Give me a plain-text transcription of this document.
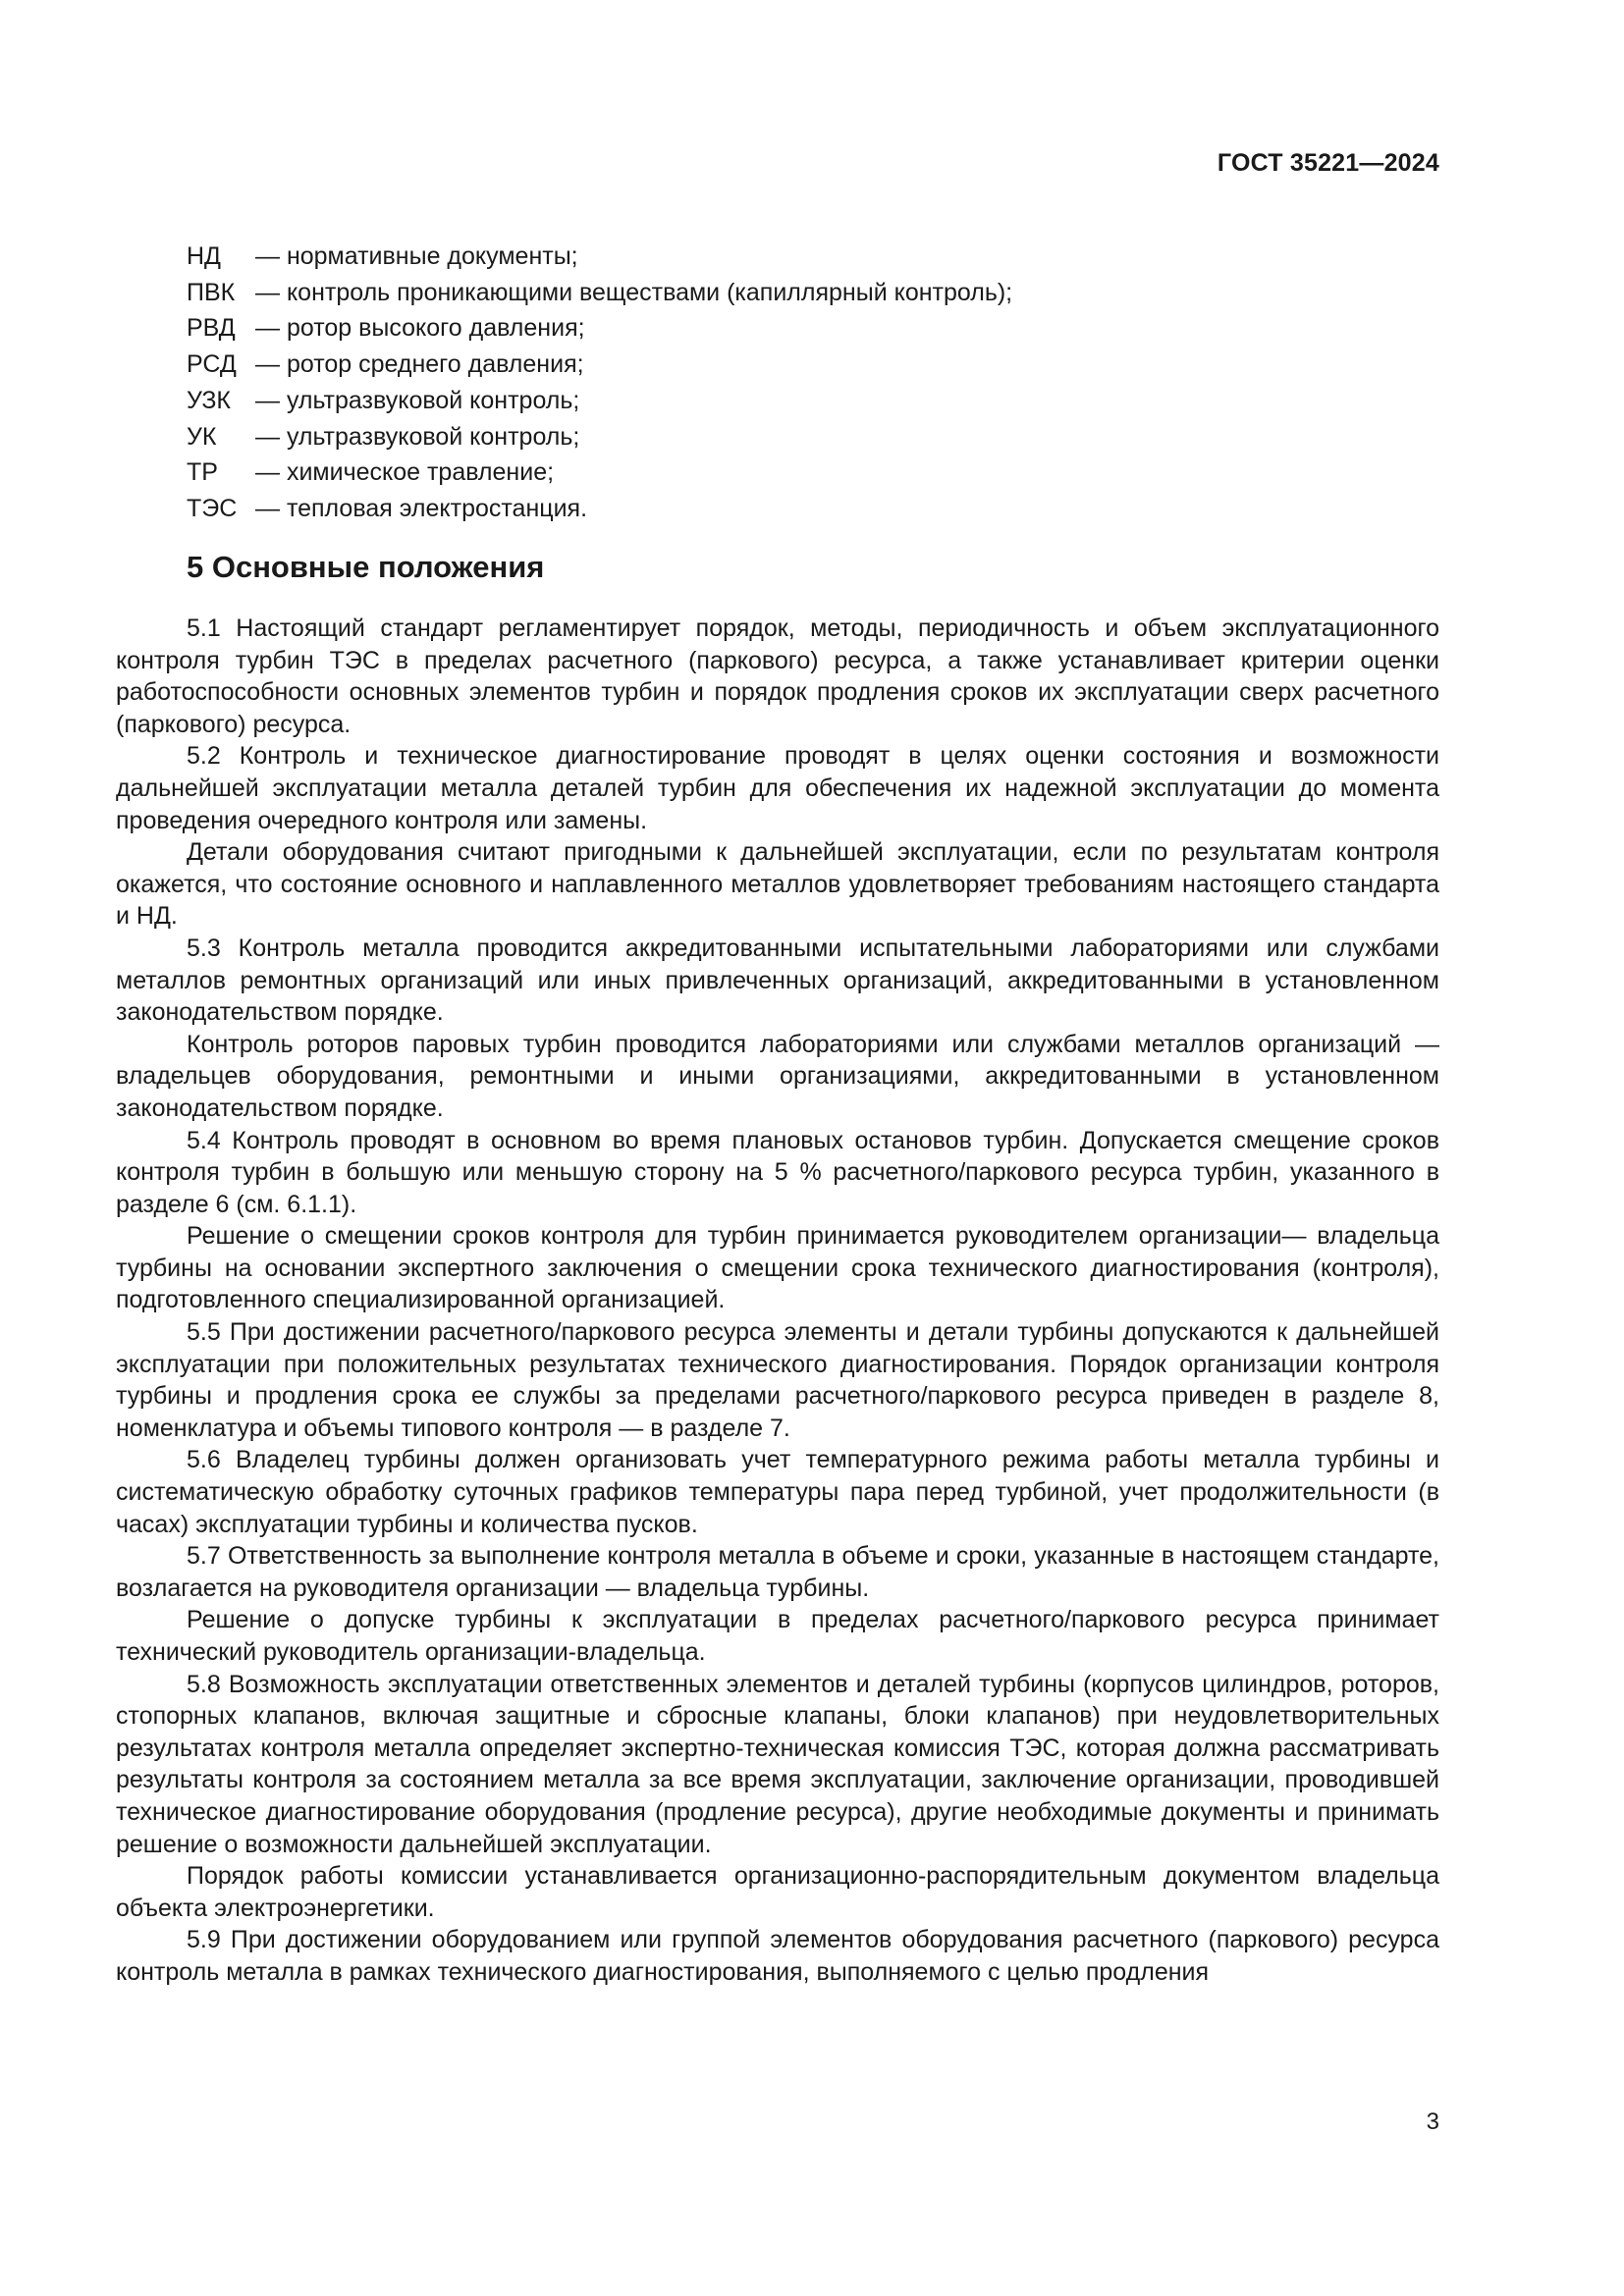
ГОСТ 35221—2024
НД	— нормативные документы;
ПВК — контроль проникающими веществами (капиллярный контроль);
РВД — ротор высокого давления;
РСД — ротор среднего давления;
УЗК	— ультразвуковой контроль;
УК	— ультразвуковой контроль;
ТР	— химическое травление;
ТЭС — тепловая электростанция.
5 Основные положения

5.1 Настоящий стандарт регламентирует порядок, методы, периодичность и объем эксплуатационного контроля турбин ТЭС в пределах расчетного (паркового) ресурса, а также устанавливает критерии оценки работоспособности основных элементов турбин и порядок продления сроков их эксплуатации сверх расчетного (паркового) ресурса.

5.2 Контроль и техническое диагностирование проводят в целях оценки состояния и возможности дальнейшей эксплуатации металла деталей турбин для обеспечения их надежной эксплуатации до момента проведения очередного контроля или замены.

Детали оборудования считают пригодными к дальнейшей эксплуатации, если по результатам контроля окажется, что состояние основного и наплавленного металлов удовлетворяет требованиям настоящего стандарта и НД.

5.3 Контроль металла проводится аккредитованными испытательными лабораториями или службами металлов ремонтных организаций или иных привлеченных организаций, аккредитованными в установленном законодательством порядке.

Контроль роторов паровых турбин проводится лабораториями или службами металлов организаций — владельцев оборудования, ремонтными и иными организациями, аккредитованными в установленном законодательством порядке.

5.4 Контроль проводят в основном во время плановых остановов турбин. Допускается смещение сроков контроля турбин в большую или меньшую сторону на 5 % расчетного/паркового ресурса турбин, указанного в разделе 6 (см. 6.1.1).

Решение о смещении сроков контроля для турбин принимается руководителем организации— владельца турбины на основании экспертного заключения о смещении срока технического диагностирования (контроля), подготовленного специализированной организацией.

5.5 При достижении расчетного/паркового ресурса элементы и детали турбины допускаются к дальнейшей эксплуатации при положительных результатах технического диагностирования. Порядок организации контроля турбины и продления срока ее службы за пределами расчетного/паркового ресурса приведен в разделе 8, номенклатура и объемы типового контроля — в разделе 7.

5.6 Владелец турбины должен организовать учет температурного режима работы металла турбины и систематическую обработку суточных графиков температуры пара перед турбиной, учет продолжительности (в часах) эксплуатации турбины и количества пусков.

5.7 Ответственность за выполнение контроля металла в объеме и сроки, указанные в настоящем стандарте, возлагается на руководителя организации — владельца турбины.

Решение о допуске турбины к эксплуатации в пределах расчетного/паркового ресурса принимает технический руководитель организации-владельца.

5.8 Возможность эксплуатации ответственных элементов и деталей турбины (корпусов цилиндров, роторов, стопорных клапанов, включая защитные и сбросные клапаны, блоки клапанов) при неудовлетворительных результатах контроля металла определяет экспертно-техническая комиссия ТЭС, которая должна рассматривать результаты контроля за состоянием металла за все время эксплуатации, заключение организации, проводившей техническое диагностирование оборудования (продление ресурса), другие необходимые документы и принимать решение о возможности дальнейшей эксплуатации.

Порядок работы комиссии устанавливается организационно-распорядительным документом владельца объекта электроэнергетики.

5.9 При достижении оборудованием или группой элементов оборудования расчетного (паркового) ресурса контроль металла в рамках технического диагностирования, выполняемого с целью продления

3
